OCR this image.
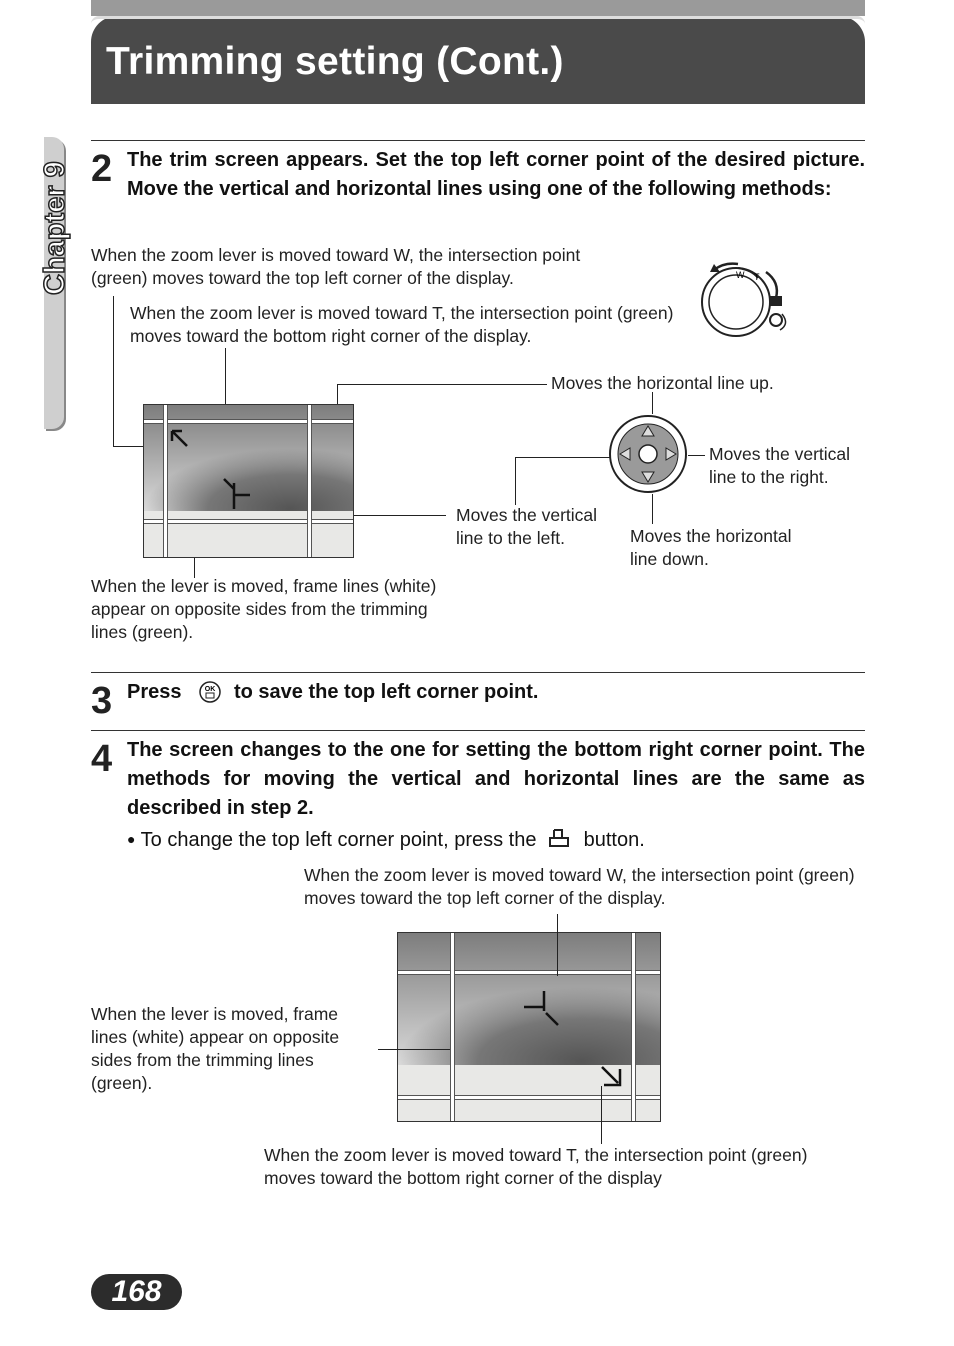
Trimming setting (Cont.)
Chapter 9 2 The trim screen appears. Set the top left corner point of the desired picture. Move the vertical and horizontal lines using one of the following methods:
When the zoom lever is moved toward W, the intersection point (green) moves toward the top left corner of the display.
When the zoom lever is moved toward T, the intersection point (green) moves toward the bottom right corner of the display.
W T
Moves the horizontal line up.
Moves the vertical line to the right.
Moves the vertical line to the left.	Moves the horizontal line down.
When the lever is moved, frame lines (white) appear on opposite sides from the trimming lines (green).
3 Press	OK to save the top left corner point.
4 The screen changes to the one for setting the bottom right corner point. The methods for moving the vertical and horizontal lines are the same as described in step 2.
● To change the top left corner point, press the button.
When the zoom lever is moved toward W, the intersection point (green) moves toward the top left corner of the display.
When the lever is moved, frame lines (white) appear on opposite sides from the trimming lines (green).
When the zoom lever is moved toward T, the intersection point (green) moves toward the bottom right corner of the display
168
